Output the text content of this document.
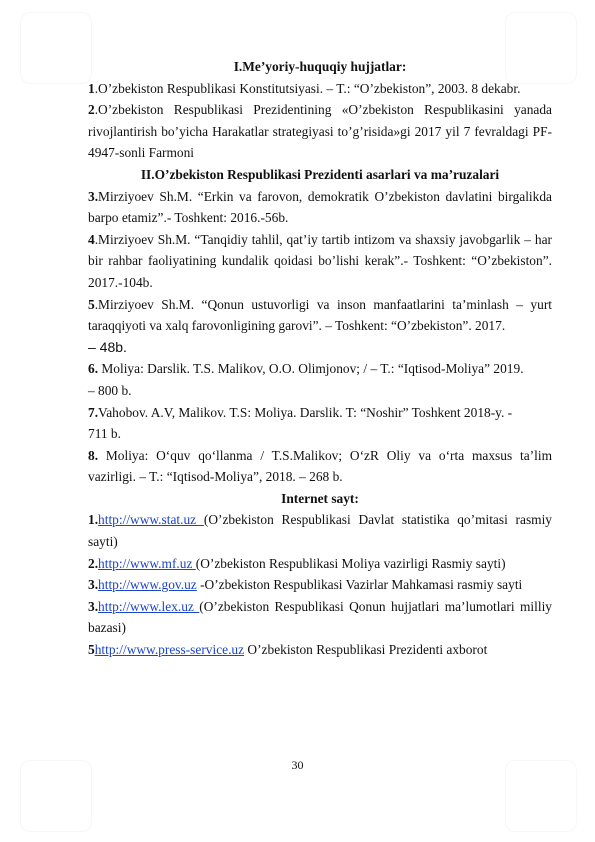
I.Me’yoriy-huquqiy hujjatlar:

1.O’zbekiston Respublikasi Konstitutsiyasi. – T.: “O’zbekiston”, 2003. 8 dekabr.

2.O’zbekiston Respublikasi Prezidentining «O’zbekiston Respublikasini yanada rivojlantirish bo’yicha Harakatlar strategiyasi to’g’risida»gi 2017 yil 7 fevraldagi PF-4947-sonli Farmoni

II.O’zbekiston Respublikasi Prezidenti asarlari va ma’ruzalari

3.Mirziyoev Sh.M. “Erkin va farovon, demokratik O’zbekiston davlatini birgalikda barpo etamiz”.- Toshkent: 2016.-56b.

4.Mirziyoev Sh.M. “Tanqidiy tahlil, qat’iy tartib intizom va shaxsiy javobgarlik – har bir rahbar faoliyatining kundalik qoidasi bo’lishi kerak”.- Toshkent: “O’zbekiston”. 2017.-104b.

5.Mirziyoev Sh.M. “Qonun ustuvorligi va inson manfaatlarini ta’minlash – yurt taraqqiyoti va xalq farovonligining garovi”. – Toshkent: “O’zbekiston”. 2017.

– 48b.

6. Moliya: Darslik. T.S. Malikov, O.O. Olimjonov; / – T.: “Iqtisod-Moliya” 2019.

– 800 b.

7.Vahobov. A.V, Malikov. T.S: Moliya. Darslik. T: “Noshir” Toshkent 2018-y. -

711 b.

8. Moliya: O‘quv qo‘llanma / T.S.Malikov; O‘zR Oliy va o‘rta maxsus ta’lim vazirligi. – T.: “Iqtisod-Moliya”, 2018. – 268 b.

Internet sayt:

1.http://www.stat.uz (O’zbekiston Respublikasi Davlat statistika qo’mitasi rasmiy sayti)

2.http://www.mf.uz (O’zbekiston Respublikasi Moliya vazirligi Rasmiy sayti)

3.http://www.gov.uz -O’zbekiston Respublikasi Vazirlar Mahkamasi rasmiy sayti

3.http://www.lex.uz (O’zbekiston Respublikasi Qonun hujjatlari ma’lumotlari milliy bazasi)

5http://www.press-service.uz O’zbekiston Respublikasi Prezidenti axborot

30
